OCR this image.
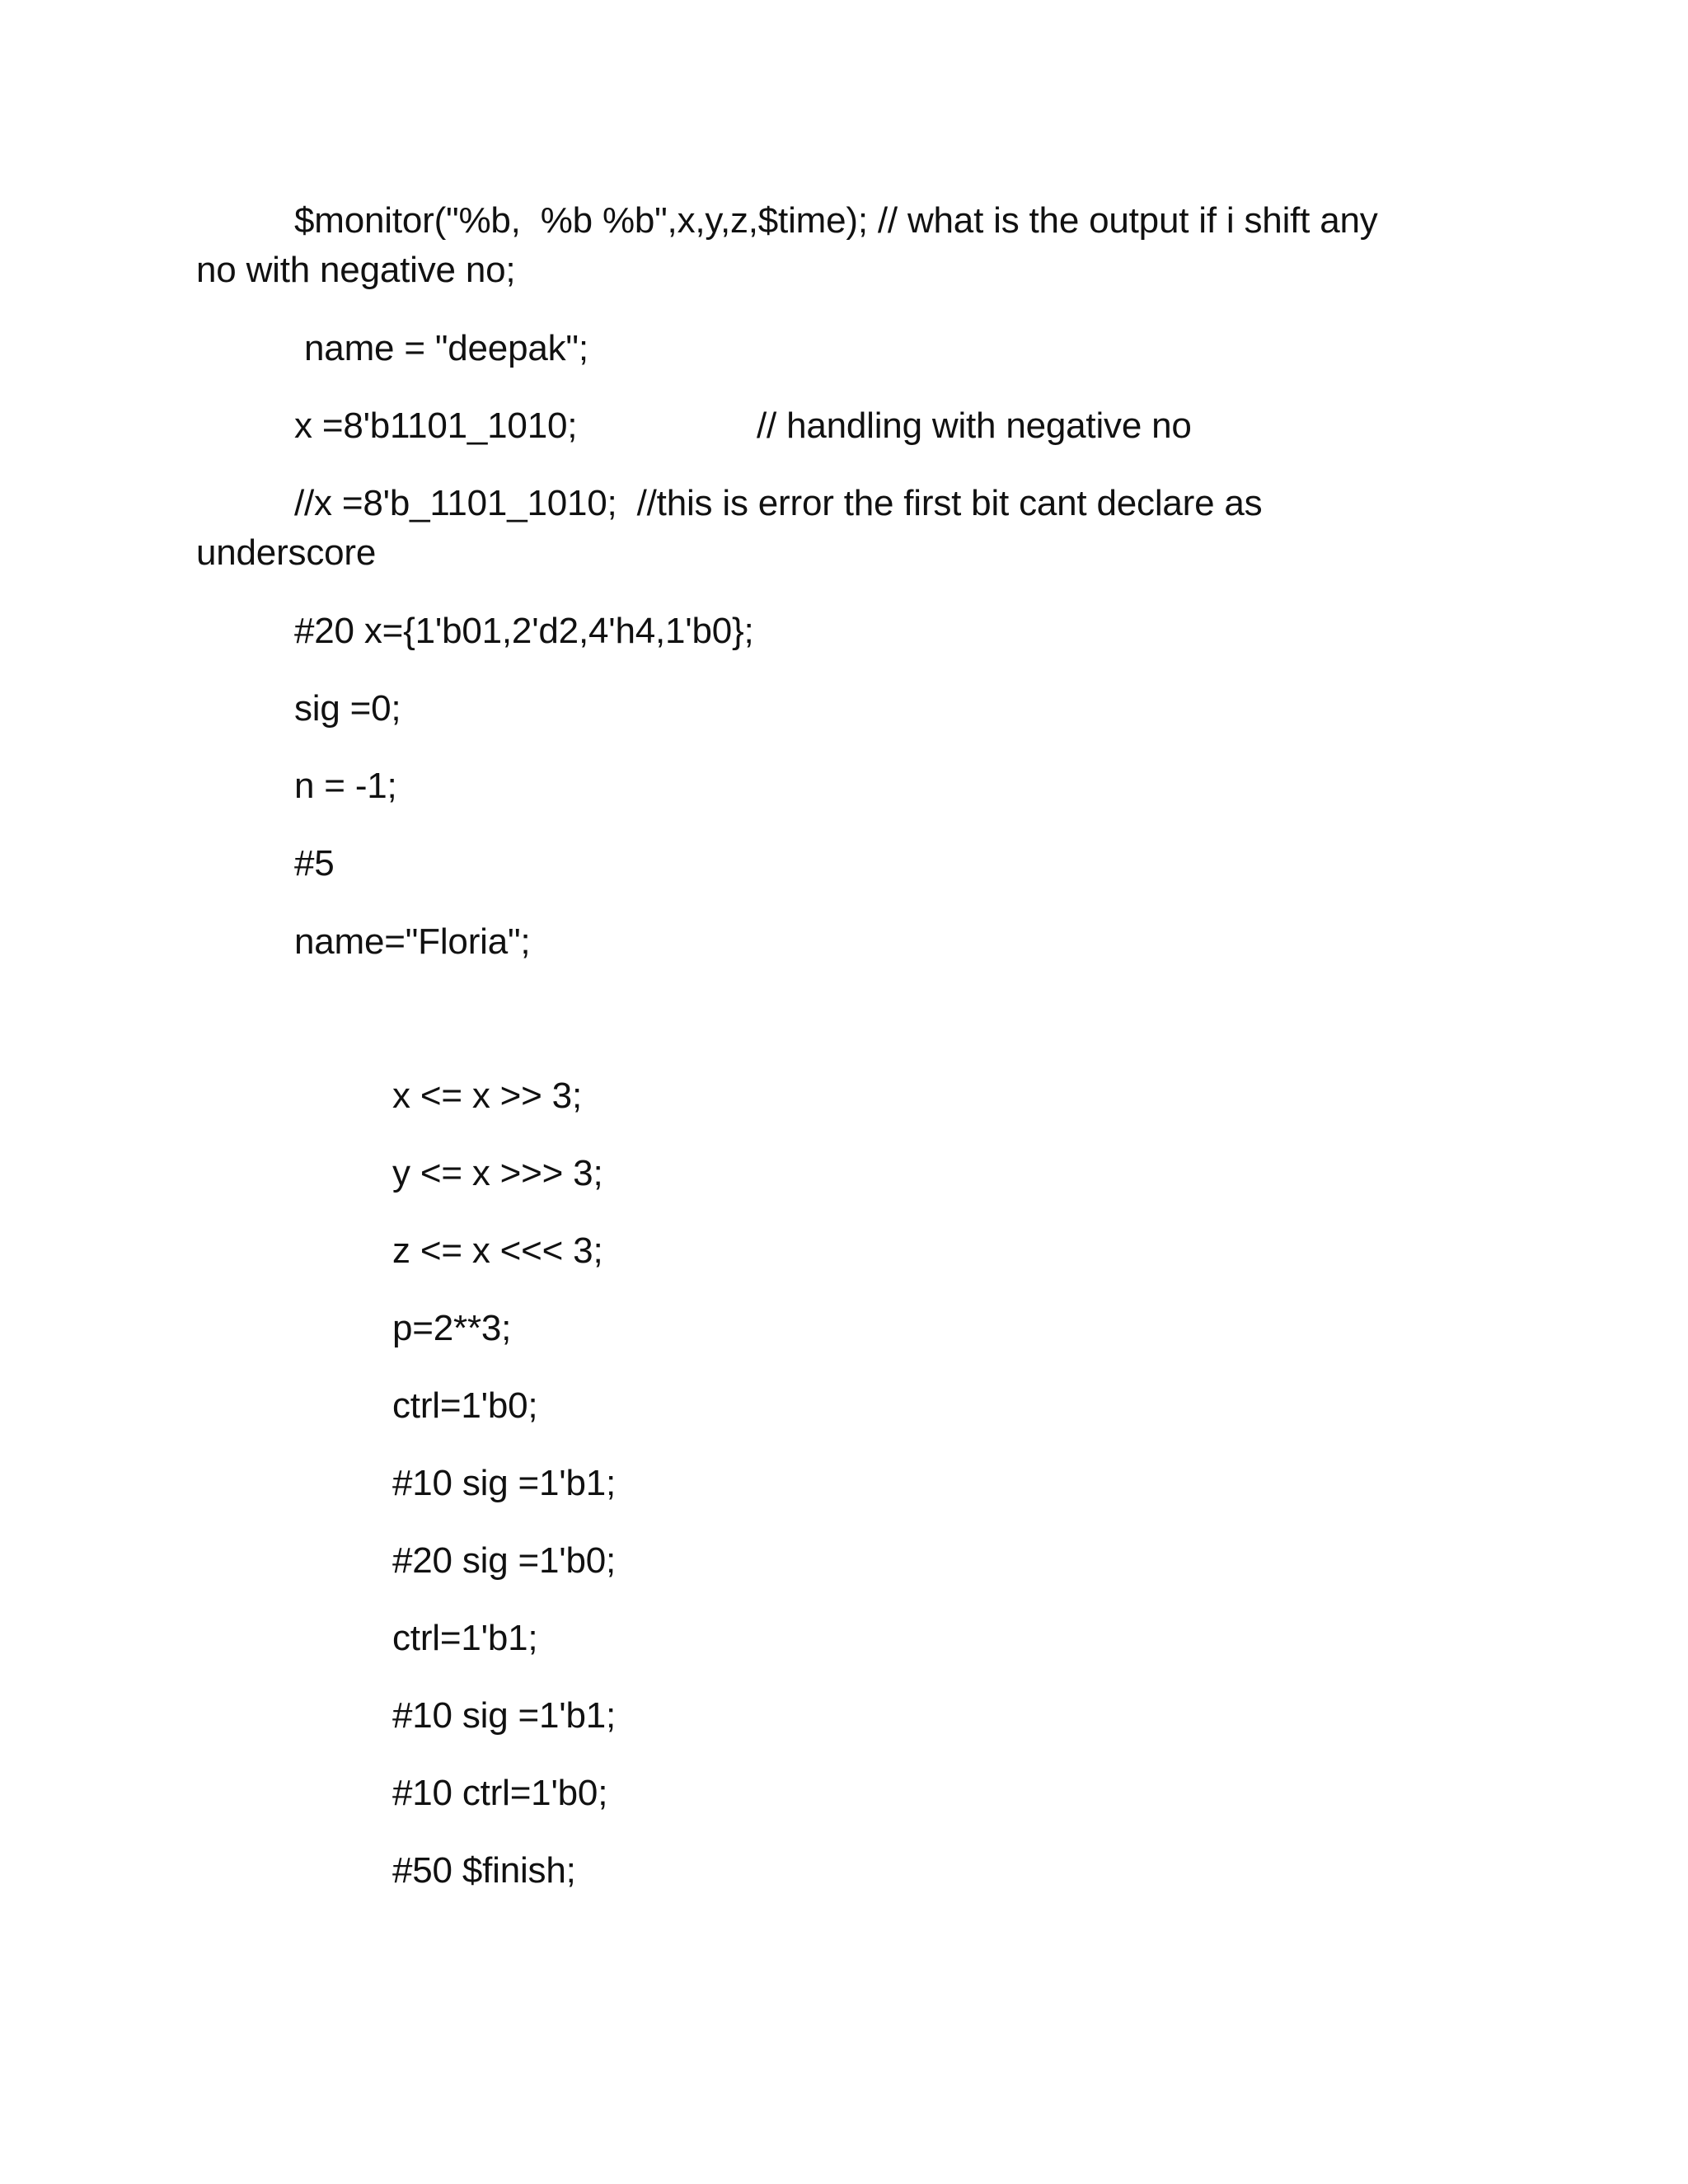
$monitor("%b,  %b %b",x,y,z,$time); // what is the output if i shift any
no with negative no;
name = "deepak";
x =8'b1101_1010;	// handling with negative no
//x =8'b_1101_1010;  //this is error the first bit cant declare as
underscore
#20 x={1'b01,2'd2,4'h4,1'b0};
sig =0;
n = -1;
#5
name="Floria";
x <= x >> 3;
y <= x >>> 3;
z <= x <<< 3;
p=2**3;
ctrl=1'b0;
#10 sig =1'b1;
#20 sig =1'b0;
ctrl=1'b1;
#10 sig =1'b1;
#10 ctrl=1'b0;
#50 $finish;
